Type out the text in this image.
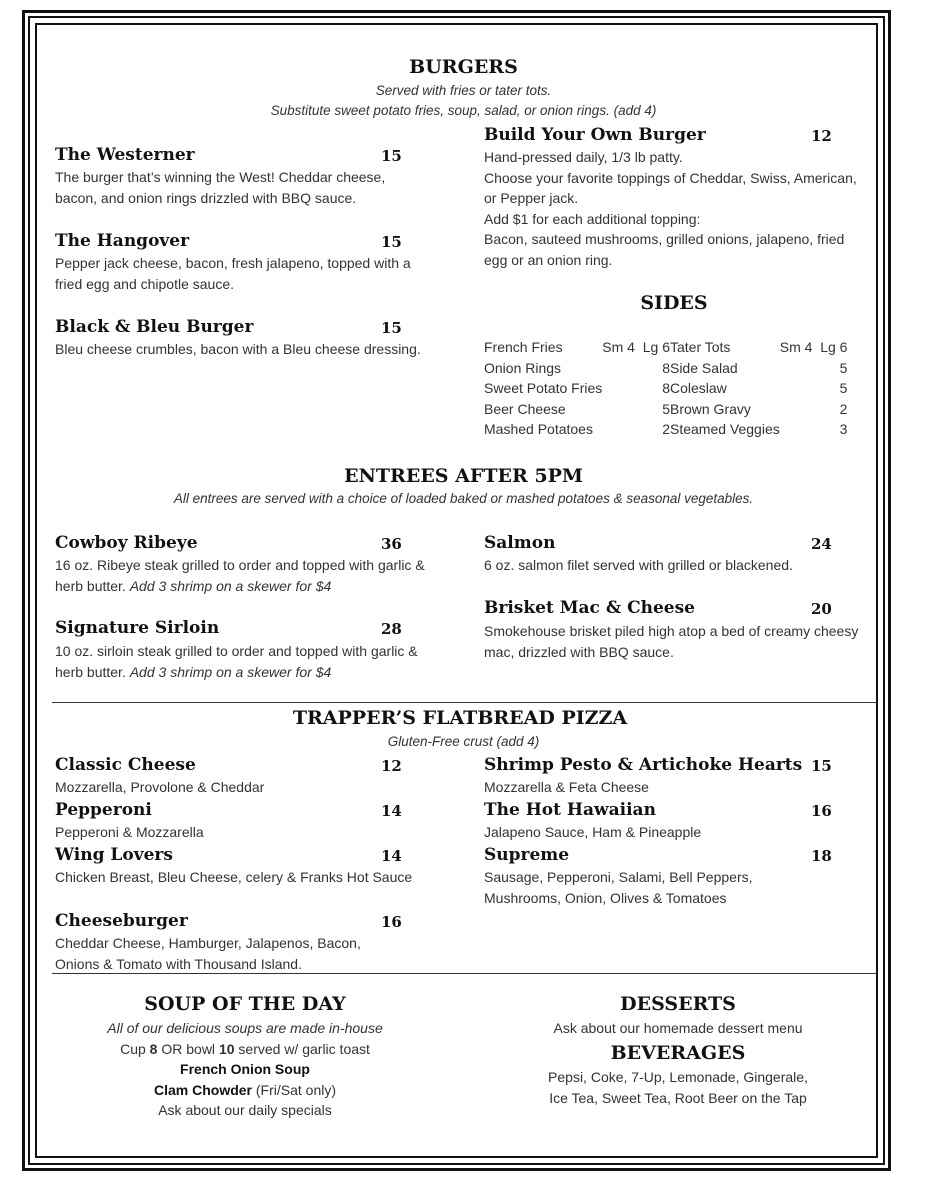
BURGERS
Served with fries or tater tots.
Substitute sweet potato fries, soup, salad, or onion rings. (add 4)
The Westerner	15
The burger that’s winning the West! Cheddar cheese, bacon, and onion rings drizzled with BBQ sauce.
The Hangover	15
Pepper jack cheese, bacon, fresh jalapeno, topped with a fried egg and chipotle sauce.
Black & Bleu Burger	15
Bleu cheese crumbles, bacon with a Bleu cheese dressing.
Build Your Own Burger	12
Hand-pressed daily, 1/3 lb patty.
Choose your favorite toppings of Cheddar, Swiss, American, or Pepper jack.
Add $1 for each additional topping:
Bacon, sauteed mushrooms, grilled onions, jalapeno, fried egg or an onion ring.
SIDES
French Fries	Sm 4  Lg 6		Tater Tots	Sm 4  Lg 6
Onion Rings	8		Side Salad	5
Sweet Potato Fries	8		Coleslaw	5
Beer Cheese	5		Brown Gravy	2
Mashed Potatoes	2		Steamed Veggies	3
ENTREES AFTER 5PM
All entrees are served with a choice of loaded baked or mashed potatoes & seasonal vegetables.
Cowboy Ribeye	36
16 oz. Ribeye steak grilled to order and topped with garlic & herb butter. Add 3 shrimp on a skewer for $4
Signature Sirloin	28
10 oz. sirloin steak grilled to order and topped with garlic & herb butter. Add 3 shrimp on a skewer for $4
Salmon	24
6 oz. salmon filet served with grilled or blackened.
Brisket Mac & Cheese	20
Smokehouse brisket piled high atop a bed of creamy cheesy mac, drizzled with BBQ sauce.
TRAPPER’S FLATBREAD PIZZA
Gluten-Free crust (add 4)
Classic Cheese	12
Mozzarella, Provolone & Cheddar
Pepperoni	14
Pepperoni & Mozzarella
Wing Lovers	14
Chicken Breast, Bleu Cheese, celery & Franks Hot Sauce
Cheeseburger	16
Cheddar Cheese, Hamburger, Jalapenos, Bacon, Onions & Tomato with Thousand Island.
Shrimp Pesto & Artichoke Hearts 15
Mozzarella & Feta Cheese
The Hot Hawaiian	16
Jalapeno Sauce, Ham & Pineapple
Supreme	18
Sausage, Pepperoni, Salami, Bell Peppers, Mushrooms, Onion, Olives & Tomatoes
SOUP OF THE DAY
All of our delicious soups are made in-house
Cup 8 OR bowl 10 served w/ garlic toast
French Onion Soup
Clam Chowder (Fri/Sat only)
Ask about our daily specials
DESSERTS
Ask about our homemade dessert menu
BEVERAGES
Pepsi, Coke, 7-Up, Lemonade, Gingerale,
Ice Tea, Sweet Tea, Root Beer on the Tap
